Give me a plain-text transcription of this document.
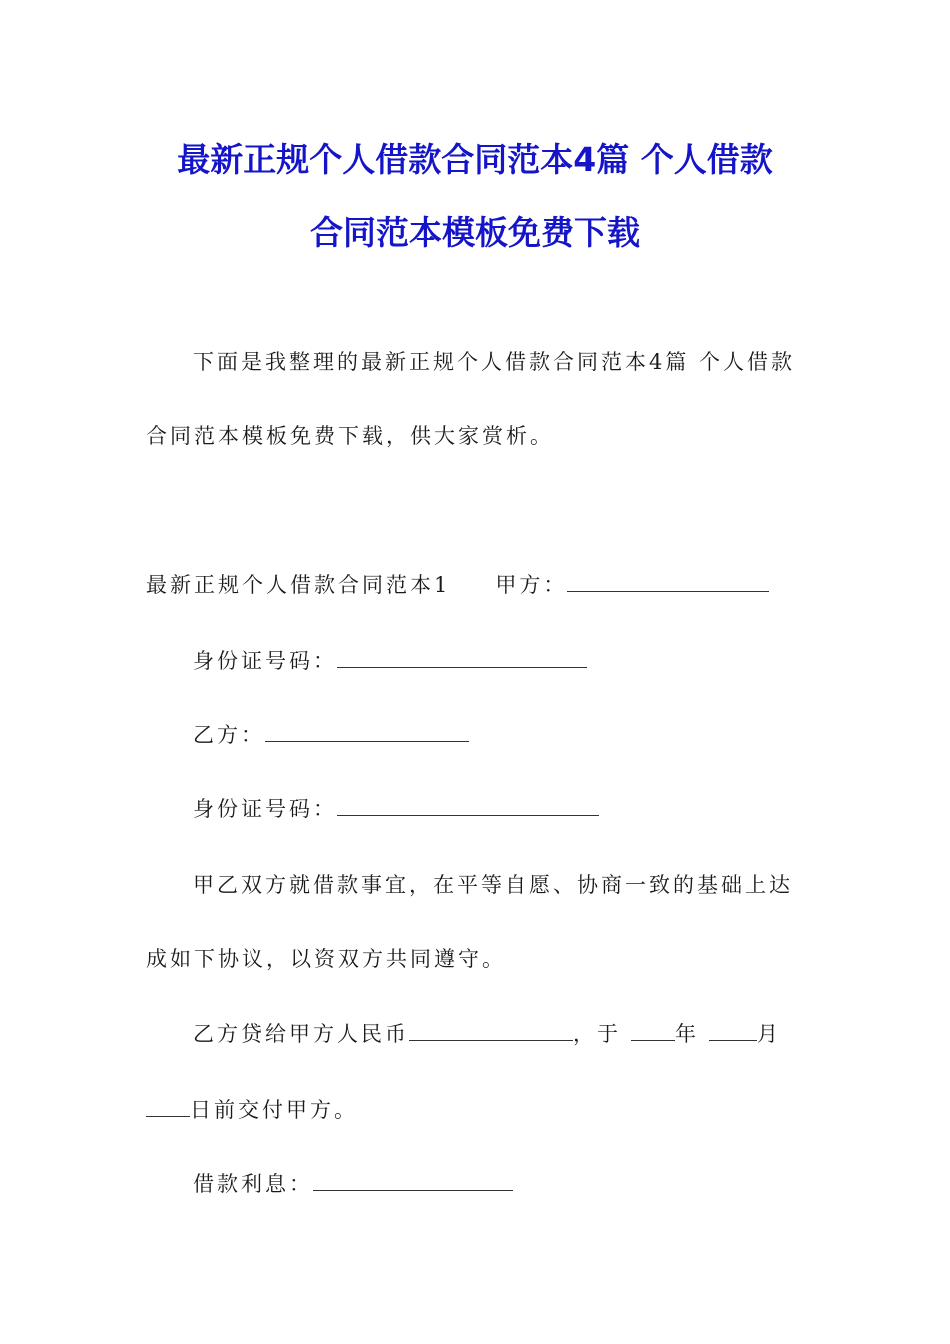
最新正规个人借款合同范本4篇 个人借款
合同范本模板免费下载

下面是我整理的最新正规个人借款合同范本4篇 个人借款

合同范本模板免费下载，供大家赏析。

最新正规个人借款合同范本1 甲方：

身份证号码：

乙方：

身份证号码：

甲乙双方就借款事宜，在平等自愿、协商一致的基础上达

成如下协议，以资双方共同遵守。

乙方贷给甲方人民币	，于	年	月

日前交付甲方。

借款利息：
